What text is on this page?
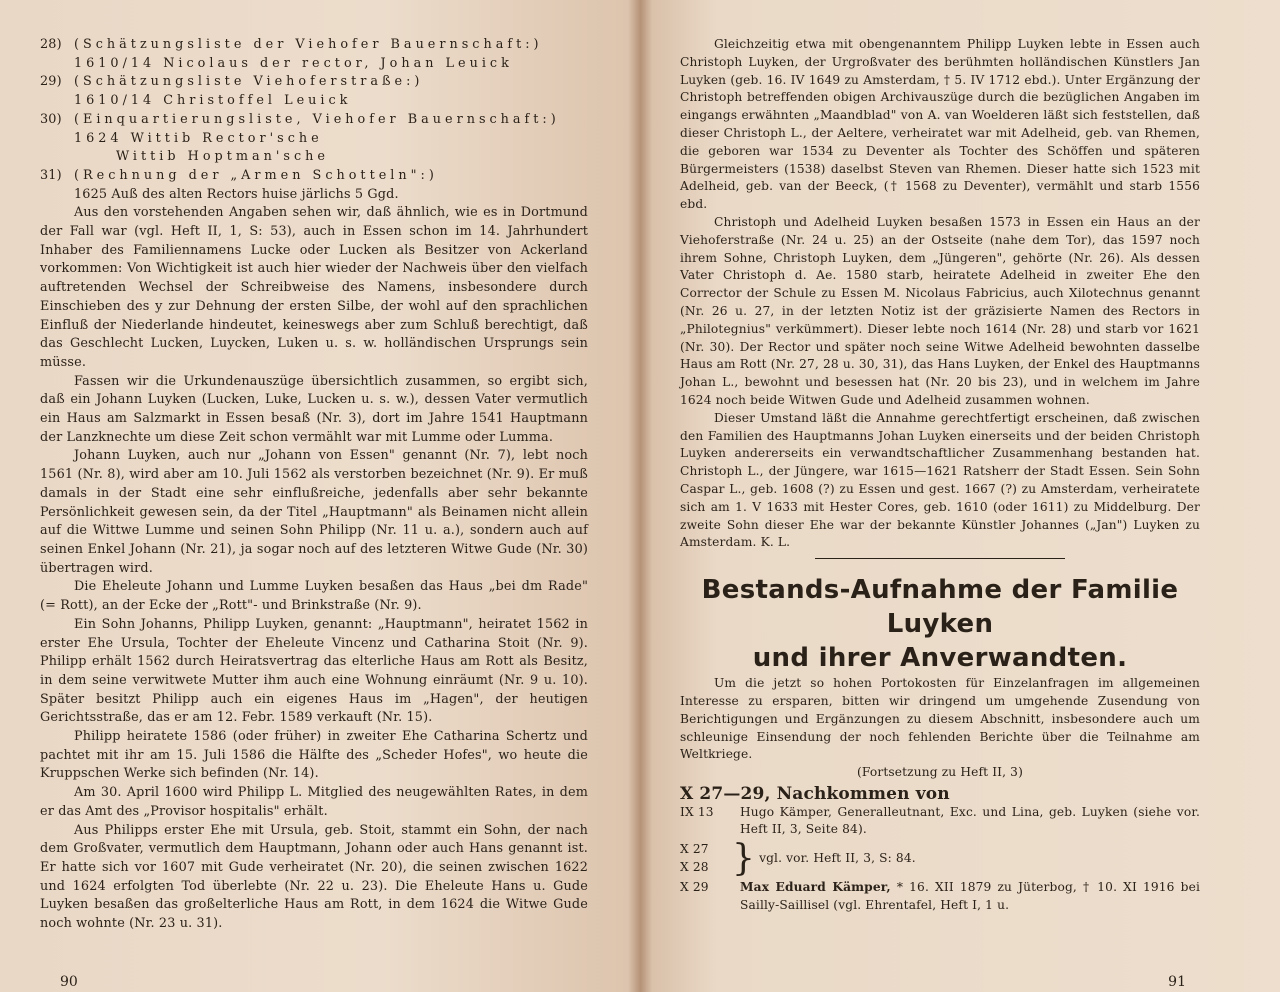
28) (Schätzungsliste der Viehofer Bauernschaft:)
1610/14 Nicolaus der rector, Johan Leuick
29) (Schätzungsliste Viehoferstraße:)
1610/14 Christoffel Leuick
30) (Einquartierungsliste, Viehofer Bauernschaft:)
1624 Wittib Rector'sche
Wittib Hoptman'sche
31) (Rechnung der „Armen Schotteln":)
1625 Auß des alten Rectors huise järlichs 5 Ggd.

Aus den vorstehenden Angaben sehen wir, daß ähnlich, wie es in Dortmund der Fall war (vgl. Heft II, 1, S: 53), auch in Essen schon im 14. Jahrhundert Inhaber des Familiennamens Lucke oder Lucken als Besitzer von Ackerland vorkommen: Von Wichtigkeit ist auch hier wieder der Nachweis über den vielfach auftretenden Wechsel der Schreibweise des Namens, insbesondere durch Einschieben des y zur Dehnung der ersten Silbe, der wohl auf den sprachlichen Einfluß der Niederlande hindeutet, keineswegs aber zum Schluß berechtigt, daß das Geschlecht Lucken, Luycken, Luken u. s. w. holländischen Ursprungs sein müsse.

Fassen wir die Urkundenauszüge übersichtlich zusammen, so ergibt sich, daß ein Johann Luyken (Lucken, Luke, Lucken u. s. w.), dessen Vater vermutlich ein Haus am Salzmarkt in Essen besaß (Nr. 3), dort im Jahre 1541 Hauptmann der Lanzknechte um diese Zeit schon vermählt war mit Lumme oder Lumma.

Johann Luyken, auch nur „Johann von Essen" genannt (Nr. 7), lebt noch 1561 (Nr. 8), wird aber am 10. Juli 1562 als verstorben bezeichnet (Nr. 9). Er muß damals in der Stadt eine sehr einflußreiche, jedenfalls aber sehr bekannte Persönlichkeit gewesen sein, da der Titel „Hauptmann" als Beinamen nicht allein auf die Wittwe Lumme und seinen Sohn Philipp (Nr. 11 u. a.), sondern auch auf seinen Enkel Johann (Nr. 21), ja sogar noch auf des letzteren Witwe Gude (Nr. 30) übertragen wird.

Die Eheleute Johann und Lumme Luyken besaßen das Haus „bei dm Rade" (= Rott), an der Ecke der „Rott"- und Brinkstraße (Nr. 9).

Ein Sohn Johanns, Philipp Luyken, genannt: „Hauptmann", heiratet 1562 in erster Ehe Ursula, Tochter der Eheleute Vincenz und Catharina Stoit (Nr. 9). Philipp erhält 1562 durch Heiratsvertrag das elterliche Haus am Rott als Besitz, in dem seine verwitwete Mutter ihm auch eine Wohnung einräumt (Nr. 9 u. 10). Später besitzt Philipp auch ein eigenes Haus im „Hagen", der heutigen Gerichtsstraße, das er am 12. Febr. 1589 verkauft (Nr. 15).

Philipp heiratete 1586 (oder früher) in zweiter Ehe Catharina Schertz und pachtet mit ihr am 15. Juli 1586 die Hälfte des „Scheder Hofes", wo heute die Kruppschen Werke sich befinden (Nr. 14).

Am 30. April 1600 wird Philipp L. Mitglied des neugewählten Rates, in dem er das Amt des „Provisor hospitalis" erhält.

Aus Philipps erster Ehe mit Ursula, geb. Stoit, stammt ein Sohn, der nach dem Großvater, vermutlich dem Hauptmann, Johann oder auch Hans genannt ist. Er hatte sich vor 1607 mit Gude verheiratet (Nr. 20), die seinen zwischen 1622 und 1624 erfolgten Tod überlebte (Nr. 22 u. 23). Die Eheleute Hans u. Gude Luyken besaßen das großelterliche Haus am Rott, in dem 1624 die Witwe Gude noch wohnte (Nr. 23 u. 31).

90

Gleichzeitig etwa mit obengenanntem Philipp Luyken lebte in Essen auch Christoph Luyken, der Urgroßvater des berühmten holländischen Künstlers Jan Luyken (geb. 16. IV 1649 zu Amsterdam, † 5. IV 1712 ebd.). Unter Ergänzung der Christoph betreffenden obigen Archivauszüge durch die bezüglichen Angaben im eingangs erwähnten „Maandblad" von A. van Woelderen läßt sich feststellen, daß dieser Christoph L., der Aeltere, verheiratet war mit Adelheid, geb. van Rhemen, die geboren war 1534 zu Deventer als Tochter des Schöffen und späteren Bürgermeisters (1538) daselbst Steven van Rhemen. Dieser hatte sich 1523 mit Adelheid, geb. van der Beeck, († 1568 zu Deventer), vermählt und starb 1556 ebd.

Christoph und Adelheid Luyken besaßen 1573 in Essen ein Haus an der Viehoferstraße (Nr. 24 u. 25) an der Ostseite (nahe dem Tor), das 1597 noch ihrem Sohne, Christoph Luyken, dem „Jüngeren", gehörte (Nr. 26). Als dessen Vater Christoph d. Ae. 1580 starb, heiratete Adelheid in zweiter Ehe den Corrector der Schule zu Essen M. Nicolaus Fabricius, auch Xilotechnus genannt (Nr. 26 u. 27, in der letzten Notiz ist der gräzisierte Namen des Rectors in „Philotegnius" verkümmert). Dieser lebte noch 1614 (Nr. 28) und starb vor 1621 (Nr. 30). Der Rector und später noch seine Witwe Adelheid bewohnten dasselbe Haus am Rott (Nr. 27, 28 u. 30, 31), das Hans Luyken, der Enkel des Hauptmanns Johan L., bewohnt und besessen hat (Nr. 20 bis 23), und in welchem im Jahre 1624 noch beide Witwen Gude und Adelheid zusammen wohnen.

Dieser Umstand läßt die Annahme gerechtfertigt erscheinen, daß zwischen den Familien des Hauptmanns Johan Luyken einerseits und der beiden Christoph Luyken andererseits ein verwandtschaftlicher Zusammenhang bestanden hat. Christoph L., der Jüngere, war 1615—1621 Ratsherr der Stadt Essen. Sein Sohn Caspar L., geb. 1608 (?) zu Essen und gest. 1667 (?) zu Amsterdam, verheiratete sich am 1. V 1633 mit Hester Cores, geb. 1610 (oder 1611) zu Middelburg. Der zweite Sohn dieser Ehe war der bekannte Künstler Johannes („Jan") Luyken zu Amsterdam. K. L.

Bestands-Aufnahme der Familie Luyken
und ihrer Anverwandten.

Um die jetzt so hohen Portokosten für Einzelanfragen im allgemeinen Interesse zu ersparen, bitten wir dringend um umgehende Zusendung von Berichtigungen und Ergänzungen zu diesem Abschnitt, insbesondere auch um schleunige Einsendung der noch fehlenden Berichte über die Teilnahme am Weltkriege.

(Fortsetzung zu Heft II, 3)
X 27—29, Nachkommen von
IX 13	Hugo Kämper, Generalleutnant, Exc. und Lina, geb. Luyken (siehe vor. Heft II, 3, Seite 84).
X 27
X 28 } vgl. vor. Heft II, 3, S: 84.
X 29	Max Eduard Kämper, * 16. XII 1879 zu Jüterbog, † 10. XI 1916 bei Sailly-Saillisel (vgl. Ehrentafel, Heft I, 1 u.
91
